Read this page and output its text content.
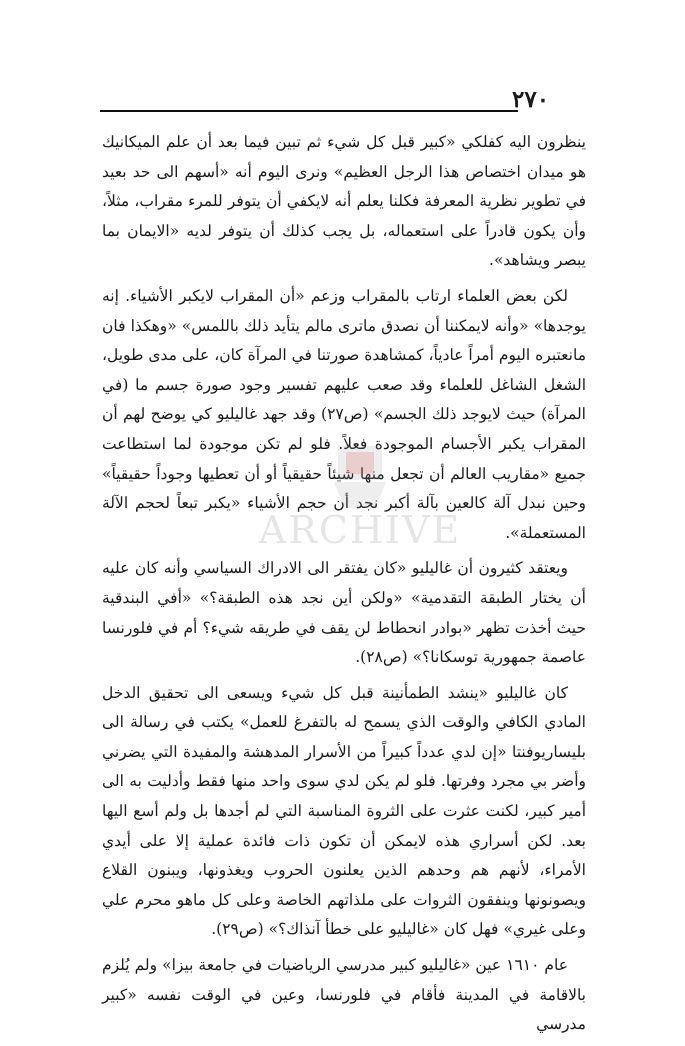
٢٧٠

ينظرون اليه كفلكي «كبير قبل كل شيء ثم تبين فيما بعد أن علم الميكانيك هو ميدان اختصاص هذا الرجل العظيم» ونرى اليوم أنه «أسهم الى حد بعيد في تطوير نظرية المعرفة فكلنا يعلم أنه لايكفي أن يتوفر للمرء مقراب، مثلاً، وأن يكون قادراً على استعماله، بل يجب كذلك أن يتوفر لديه «الايمان بما يبصر ويشاهد».

لكن بعض العلماء ارتاب بالمقراب وزعم «أن المقراب لايكبر الأشياء. إنه يوجدها» «وأنه لايمكننا أن نصدق ماترى مالم يتأيد ذلك باللمس» «وهكذا فان مانعتبره اليوم أمراً عادياً، كمشاهدة صورتنا في المرآة كان، على مدى طويل، الشغل الشاغل للعلماء وقد صعب عليهم تفسير وجود صورة جسم ما (في المرآة) حيث لايوجد ذلك الجسم» (ص٢٧) وقد جهد غاليليو كي يوضح لهم أن المقراب يكبر الأجسام الموجودة فعلاً. فلو لم تكن موجودة لما استطاعت جميع «مقاريب العالم أن تجعل منها شيئاً حقيقياً أو أن تعطيها وجوداً حقيقياً» وحين نبدل آلة كالعين بآلة أكبر نجد أن حجم الأشياء «يكبر تبعاً لحجم الآلة المستعملة».

ويعتقد كثيرون أن غاليليو «كان يفتقر الى الادراك السياسي وأنه كان عليه أن يختار الطبقة التقدمية» «ولكن أين نجد هذه الطبقة؟» «أفي البندقية حيث أخذت تظهر «بوادر انحطاط لن يقف في طريقه شيء؟ أم في فلورنسا عاصمة جمهورية توسكانا؟» (ص٢٨).

كان غاليليو «ينشد الطمأنينة قبل كل شيء ويسعى الى تحقيق الدخل المادي الكافي والوقت الذي يسمح له بالتفرغ للعمل» يكتب في رسالة الى بليساريوفنتا «إن لدي عدداً كبيراً من الأسرار المدهشة والمفيدة التي يضرني وأضر بي مجرد وفرتها. فلو لم يكن لدي سوى واحد منها فقط وأدليت به الى أمير كبير، لكنت عثرت على الثروة المناسبة التي لم أجدها بل ولم أسع اليها بعد. لكن أسراري هذه لايمكن أن تكون ذات فائدة عملية إلا على أيدي الأمراء، لأنهم هم وحدهم الذين يعلنون الحروب ويغذونها، ويبنون القلاع ويصونونها وينفقون الثروات على ملذاتهم الخاصة وعلى كل ماهو محرم علي وعلى غيري» فهل كان «غاليليو على خطأ آنذاك؟» (ص٢٩).

عام ١٦١٠ عين «غاليليو كبير مدرسي الرياضيات في جامعة بيزا» ولم يُلزم بالاقامة في المدينة فأقام في فلورنسا، وعين في الوقت نفسه «كبير مدرسي

ARCHIVE
